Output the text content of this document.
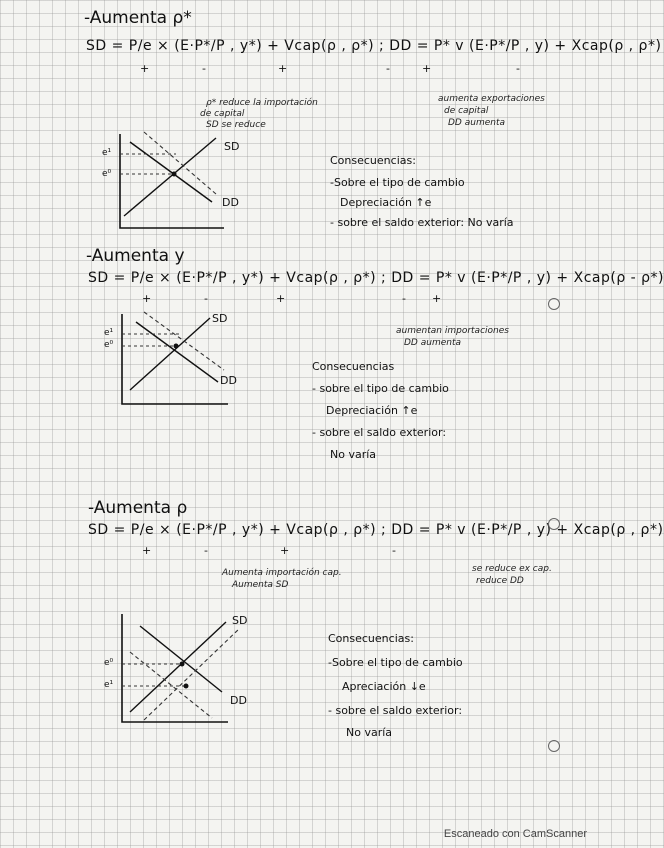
-Aumenta ρ*
SD = P/e × (E·P*/P , y*) + Vcap(ρ , ρ*) ; DD = P* v (E·P*/P , y) + Xcap(ρ , ρ*)
+	-	+	-	+	-
ρ* reduce la importación
de capital
SD se reduce
aumenta exportaciones
de capital
DD aumenta
e¹
e⁰
SD
DD
Consecuencias:
-Sobre el tipo de cambio
Depreciación ↑e
- sobre el saldo exterior: No varía
-Aumenta y
SD = P/e × (E·P*/P , y*) + Vcap(ρ , ρ*) ; DD = P* v (E·P*/P , y) + Xcap(ρ - ρ*)
+	-	+	- +
aumentan importaciones
DD aumenta
e¹
e⁰
SD
DD
Consecuencias
- sobre el tipo de cambio
Depreciación ↑e
- sobre el saldo exterior:
No varía
-Aumenta ρ
SD = P/e × (E·P*/P , y*) + Vcap(ρ , ρ*) ; DD = P* v (E·P*/P , y) + Xcap(ρ , ρ*)
+	-	+	-
Aumenta importación cap.
Aumenta SD
se reduce ex cap.
reduce DD
e⁰
e¹
SD
DD
Consecuencias:
-Sobre el tipo de cambio
Apreciación ↓e
- sobre el saldo exterior:
No varía
Escaneado con CamScanner
